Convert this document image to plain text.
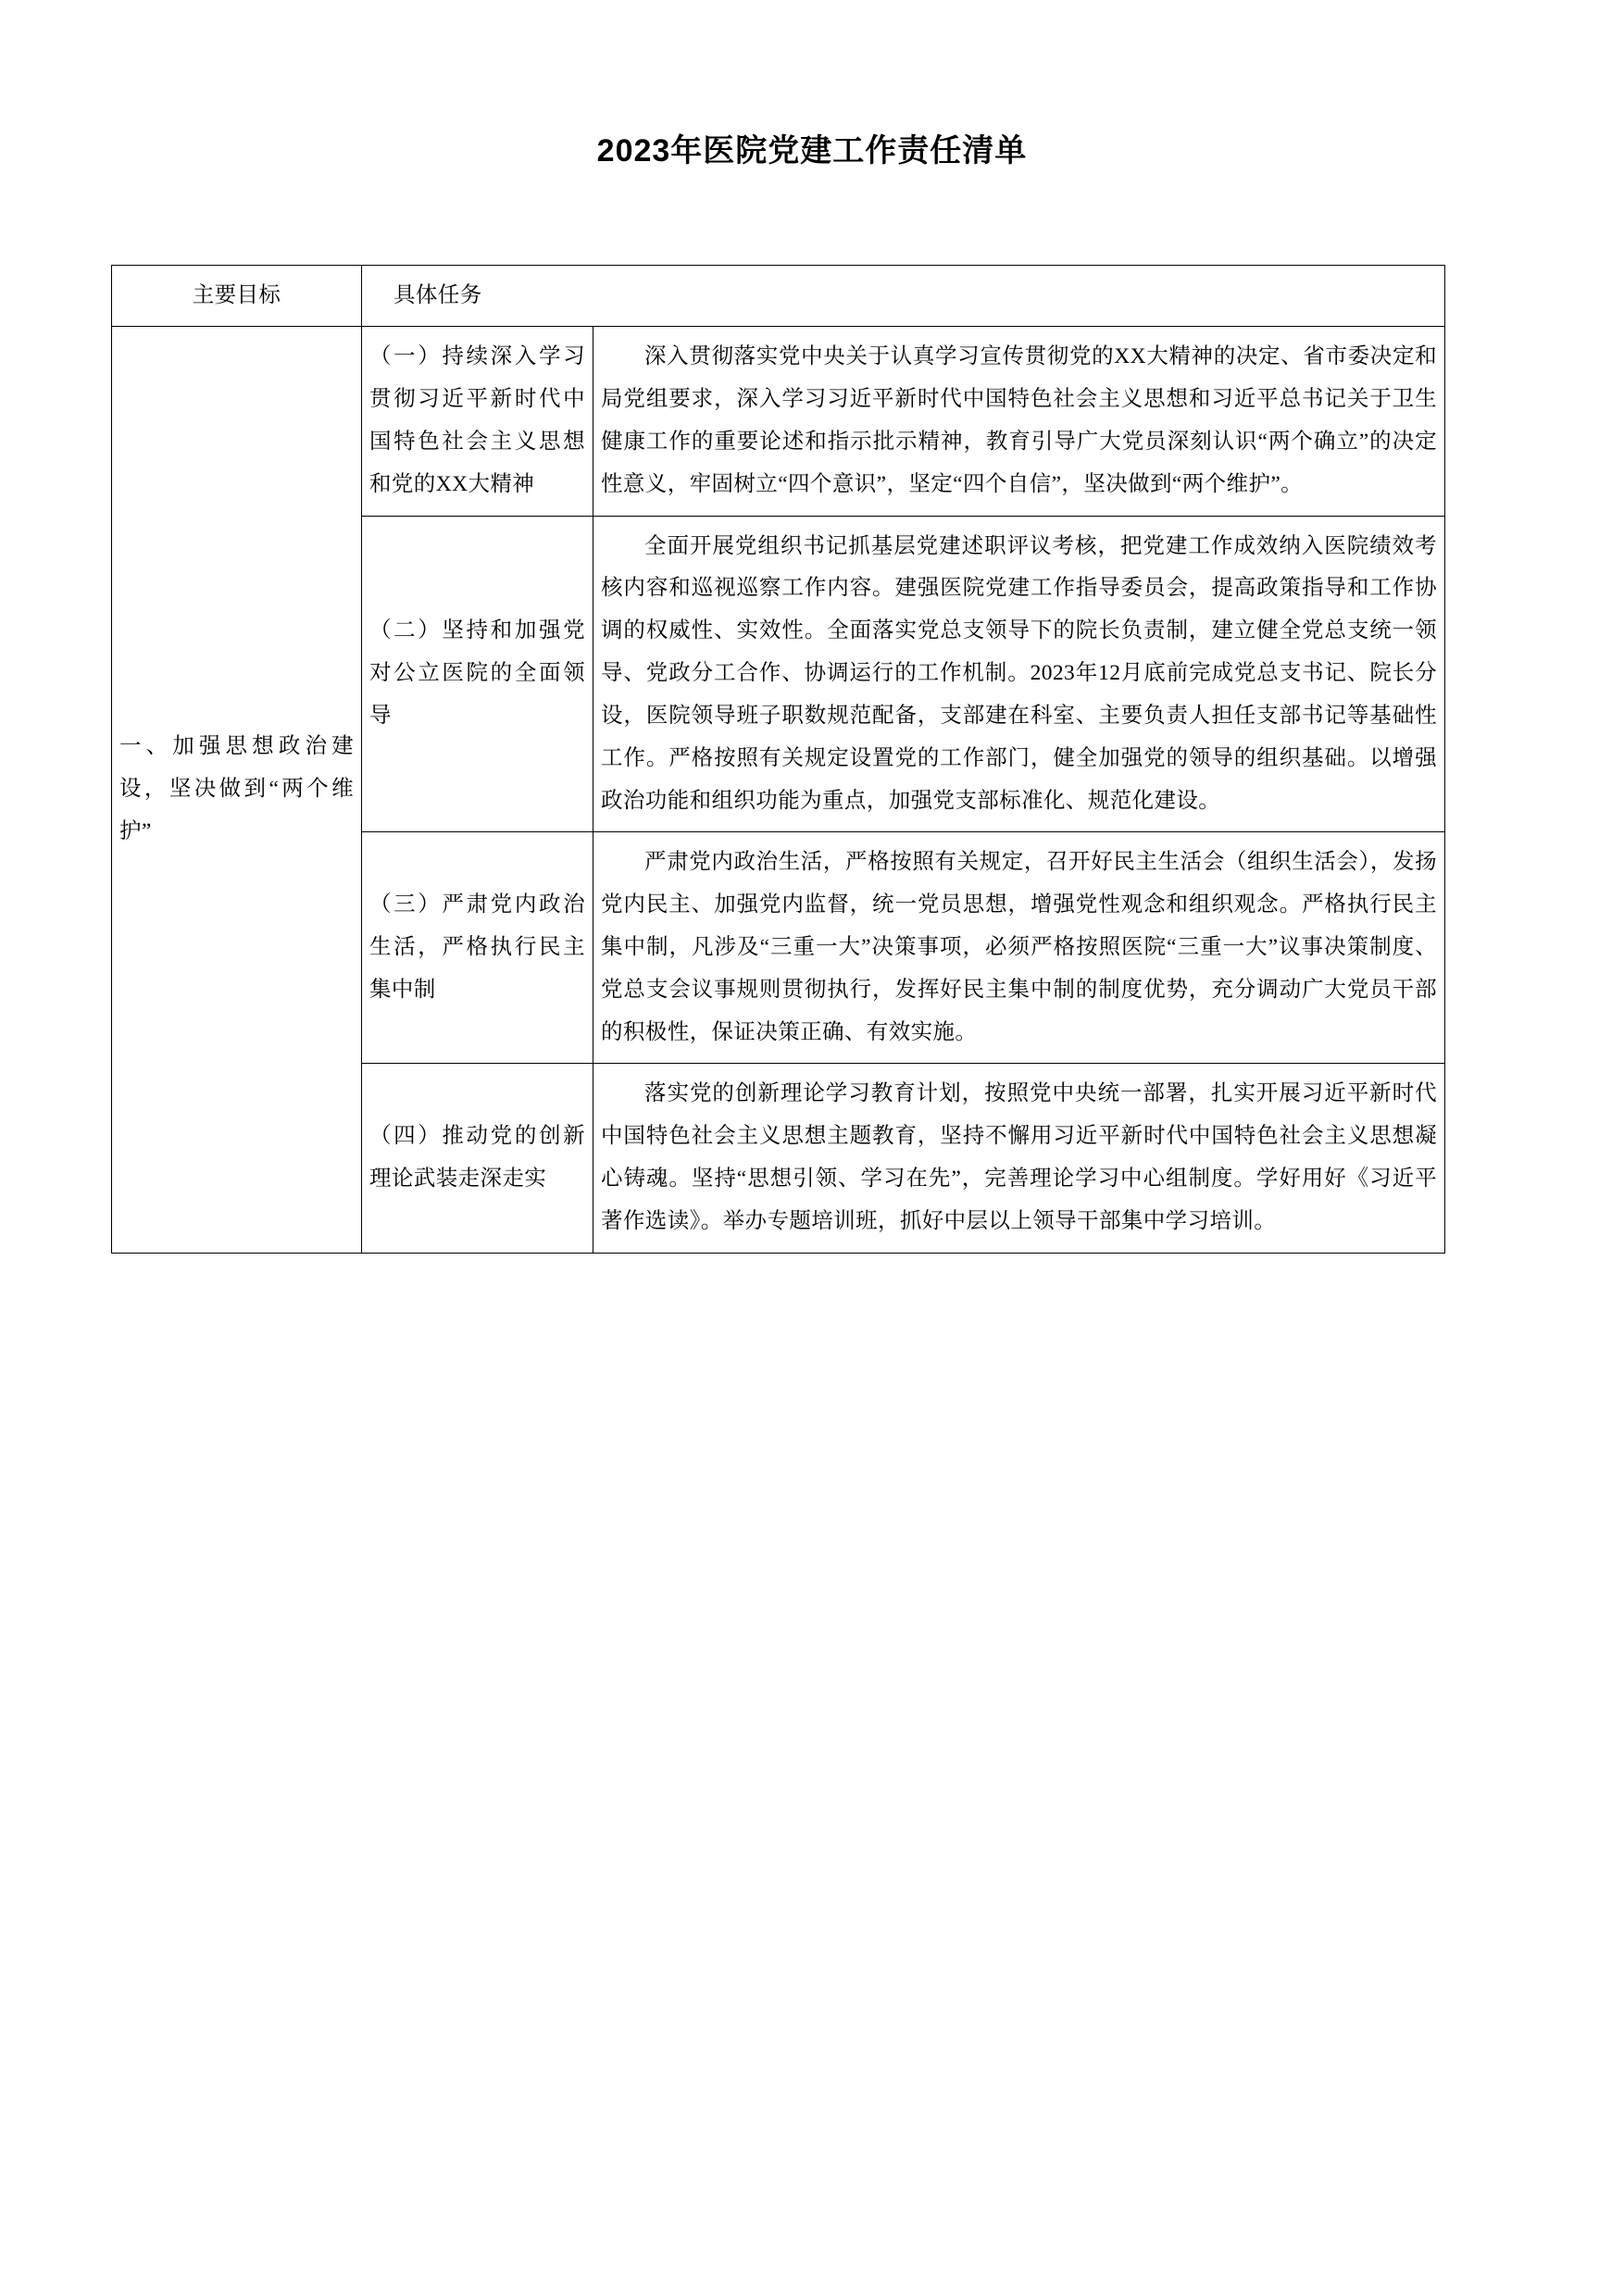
2023年医院党建工作责任清单
主要目标	具体任务	
一、加强思想政治建设，坚决做到“两个维护”	（一）持续深入学习贯彻习近平新时代中国特色社会主义思想和党的XX大精神	深入贯彻落实党中央关于认真学习宣传贯彻党的XX大精神的决定、省市委决定和局党组要求，深入学习习近平新时代中国特色社会主义思想和习近平总书记关于卫生健康工作的重要论述和指示批示精神，教育引导广大党员深刻认识“两个确立”的决定性意义，牢固树立“四个意识”，坚定“四个自信”，坚决做到“两个维护”。

	（二）坚持和加强党对公立医院的全面领导	全面开展党组织书记抓基层党建述职评议考核，把党建工作成效纳入医院绩效考核内容和巡视巡察工作内容。建强医院党建工作指导委员会，提高政策指导和工作协调的权威性、实效性。全面落实党总支领导下的院长负责制，建立健全党总支统一领导、党政分工合作、协调运行的工作机制。2023年12月底前完成党总支书记、院长分设，医院领导班子职数规范配备，支部建在科室、主要负责人担任支部书记等基础性工作。严格按照有关规定设置党的工作部门，健全加强党的领导的组织基础。以增强政治功能和组织功能为重点，加强党支部标准化、规范化建设。

	（三）严肃党内政治生活，严格执行民主集中制	严肃党内政治生活，严格按照有关规定，召开好民主生活会（组织生活会），发扬党内民主、加强党内监督，统一党员思想，增强党性观念和组织观念。严格执行民主集中制，凡涉及“三重一大”决策事项，必须严格按照医院“三重一大”议事决策制度、党总支会议事规则贯彻执行，发挥好民主集中制的制度优势，充分调动广大党员干部的积极性，保证决策正确、有效实施。

	（四）推动党的创新理论武装走深走实	落实党的创新理论学习教育计划，按照党中央统一部署，扎实开展习近平新时代中国特色社会主义思想主题教育，坚持不懈用习近平新时代中国特色社会主义思想凝心铸魂。坚持“思想引领、学习在先”，完善理论学习中心组制度。学好用好《习近平著作选读》。举办专题培训班，抓好中层以上领导干部集中学习培训。
